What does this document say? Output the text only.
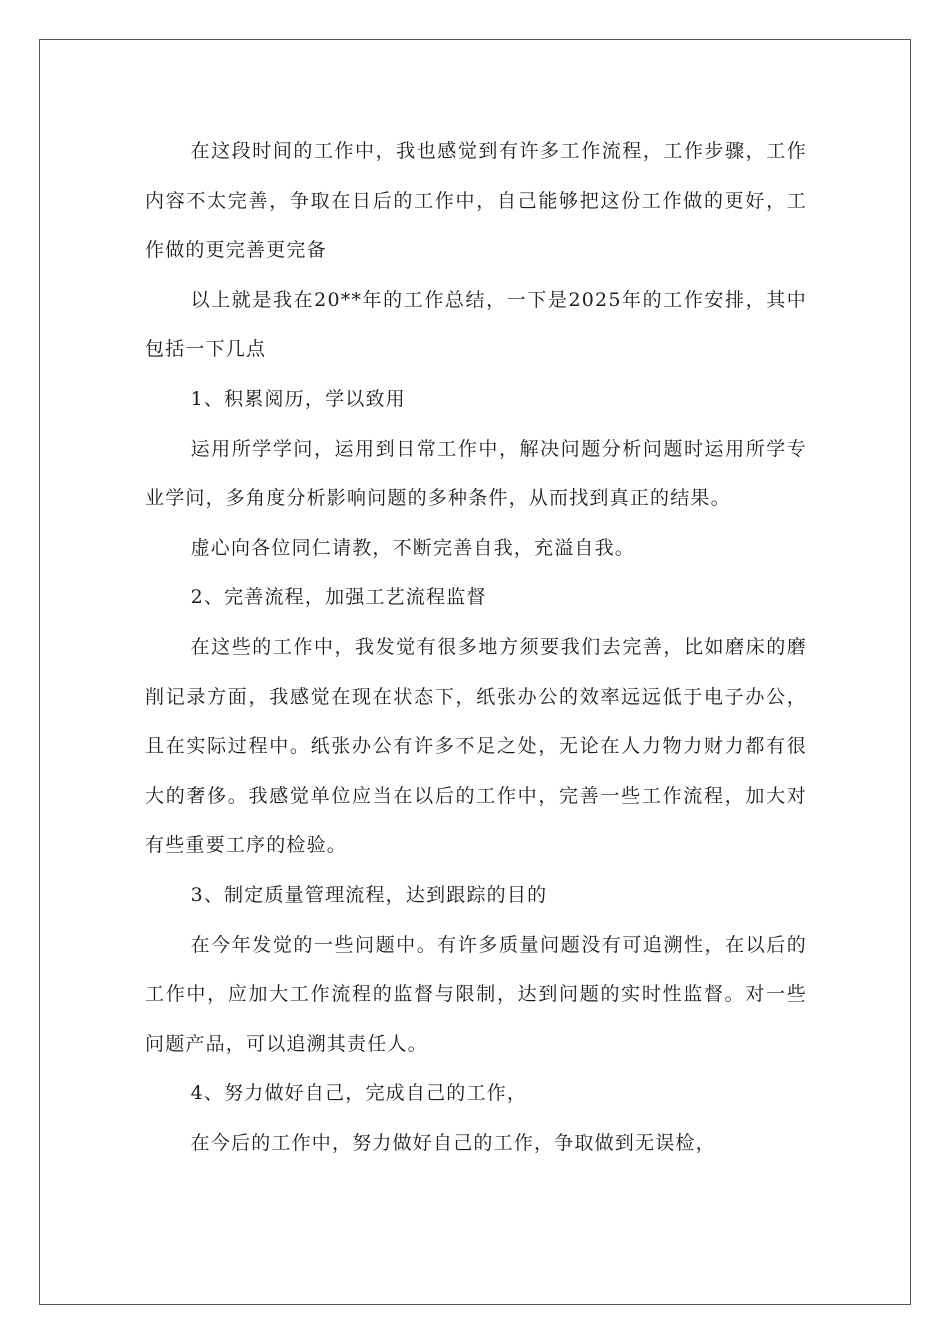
在这段时间的工作中，我也感觉到有许多工作流程，工作步骤，工作内容不太完善，争取在日后的工作中，自己能够把这份工作做的更好，工作做的更完善更完备

以上就是我在20**年的工作总结，一下是2025年的工作安排，其中包括一下几点

1、积累阅历，学以致用

运用所学学问，运用到日常工作中，解决问题分析问题时运用所学专业学问，多角度分析影响问题的多种条件，从而找到真正的结果。

虚心向各位同仁请教，不断完善自我，充溢自我。

2、完善流程，加强工艺流程监督

在这些的工作中，我发觉有很多地方须要我们去完善，比如磨床的磨削记录方面，我感觉在现在状态下，纸张办公的效率远远低于电子办公，且在实际过程中。纸张办公有许多不足之处，无论在人力物力财力都有很大的奢侈。我感觉单位应当在以后的工作中，完善一些工作流程，加大对有些重要工序的检验。

3、制定质量管理流程，达到跟踪的目的

在今年发觉的一些问题中。有许多质量问题没有可追溯性，在以后的工作中，应加大工作流程的监督与限制，达到问题的实时性监督。对一些问题产品，可以追溯其责任人。

4、努力做好自己，完成自己的工作，

在今后的工作中，努力做好自己的工作，争取做到无误检，
